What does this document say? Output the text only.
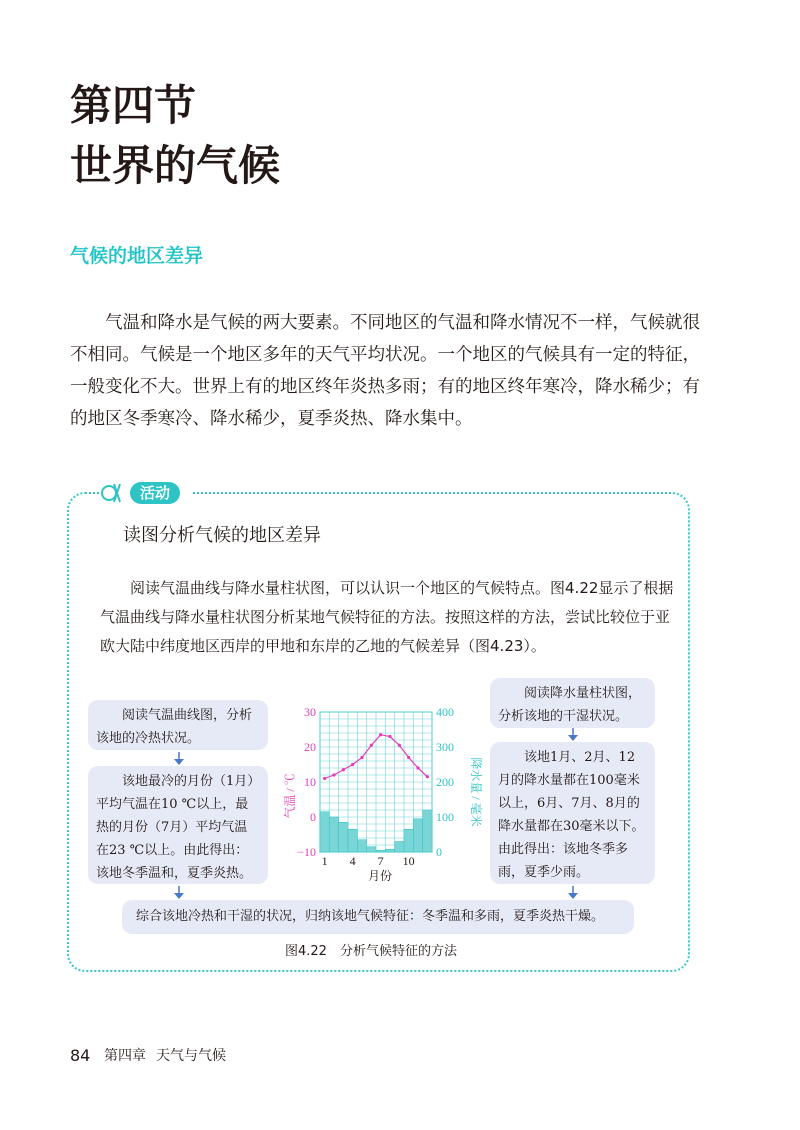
第四节
世界的气候
气候的地区差异

气温和降水是气候的两大要素。不同地区的气温和降水情况不一样，气候就很不相同。气候是一个地区多年的天气平均状况。一个地区的气候具有一定的特征，一般变化不大。世界上有的地区终年炎热多雨；有的地区终年寒冷，降水稀少；有的地区冬季寒冷、降水稀少，夏季炎热、降水集中。

活动
读图分析气候的地区差异

阅读气温曲线与降水量柱状图，可以认识一个地区的气候特点。图4.22显示了根据气温曲线与降水量柱状图分析某地气候特征的方法。按照这样的方法，尝试比较位于亚欧大陆中纬度地区西岸的甲地和东岸的乙地的气候差异（图4.23）。

阅读气温曲线图，分析该地的冷热状况。

该地最冷的月份（1月）平均气温在10 ℃以上，最热的月份（7月）平均气温在23 ℃以上。由此得出：该地冬季温和，夏季炎热。

阅读降水量柱状图，分析该地的干湿状况。

该地1月、2月、12月的降水量都在100毫米以上，6月、7月、8月的降水量都在30毫米以下。由此得出：该地冬季多雨，夏季少雨。

综合该地冷热和干湿的状况，归纳该地气候特征：冬季温和多雨，夏季炎热干燥。

30
20
10
0
−10
400
300
200
100
0
1 4 7 10
气温 / ℃	降水量 / 毫米
月份
图4.22　分析气候特征的方法
84 第四章 天气与气候
